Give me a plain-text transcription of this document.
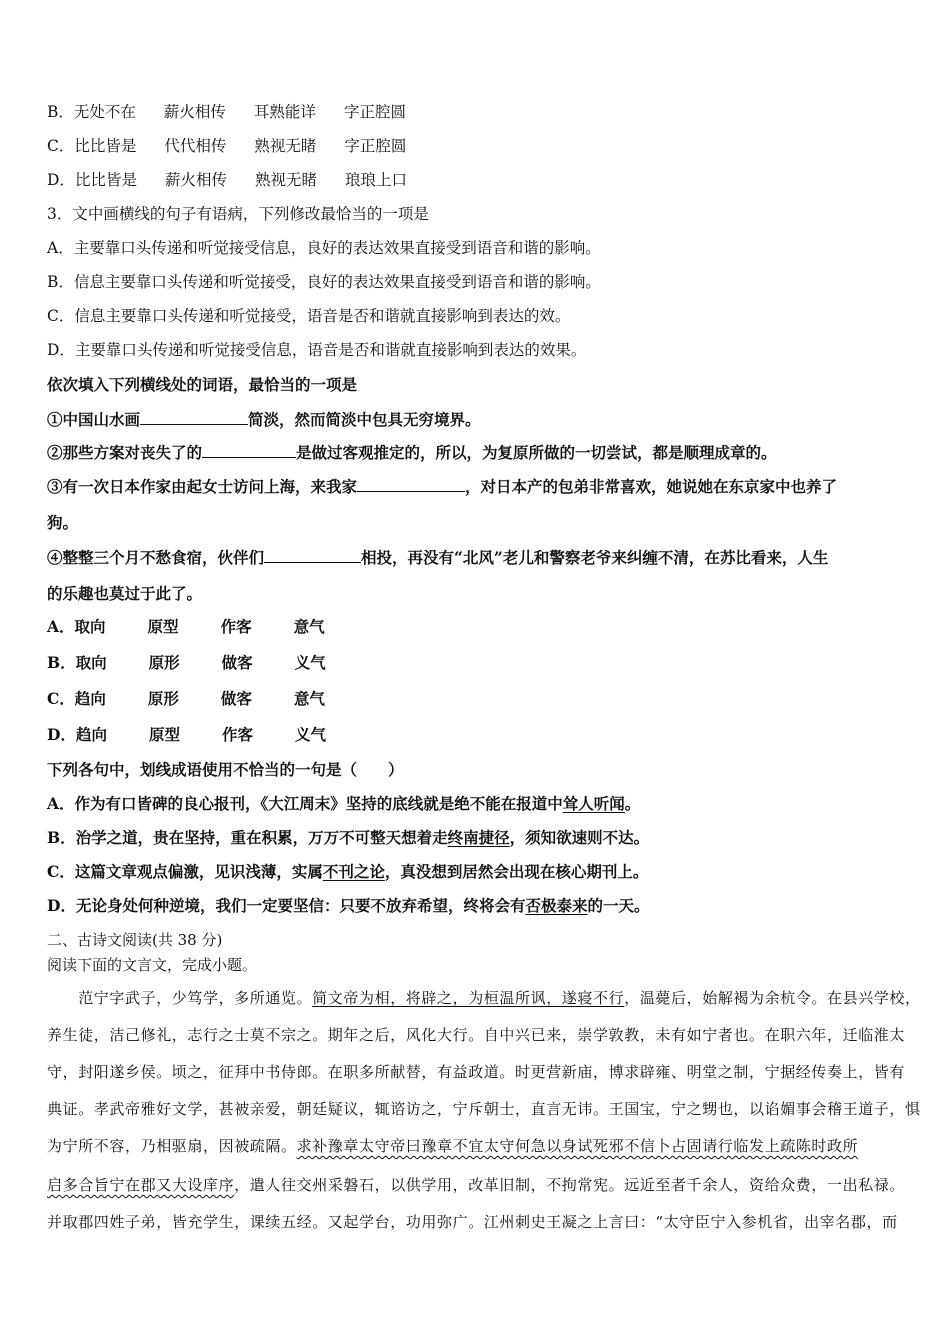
B．无处不在 薪火相传 耳熟能详 字正腔圆
C．比比皆是 代代相传 熟视无睹 字正腔圆
D．比比皆是 薪火相传 熟视无睹 琅琅上口
3．文中画横线的句子有语病，下列修改最恰当的一项是
A．主要靠口头传递和听觉接受信息，良好的表达效果直接受到语音和谐的影响。
B．信息主要靠口头传递和听觉接受，良好的表达效果直接受到语音和谐的影响。
C．信息主要靠口头传递和听觉接受，语音是否和谐就直接影响到表达的效。
D．主要靠口头传递和听觉接受信息，语音是否和谐就直接影响到表达的效果。
依次填入下列横线处的词语，最恰当的一项是
①中国山水画	简淡，然而简淡中包具无穷境界。
②那些方案对丧失了的	是做过客观推定的，所以，为复原所做的一切尝试，都是顺理成章的。
③有一次日本作家由起女士访问上海，来我家	，对日本产的包弟非常喜欢，她说她在东京家中也养了
狗。
④整整三个月不愁食宿，伙伴们	相投，再没有“北风”老儿和警察老爷来纠缠不清，在苏比看来，人生
的乐趣也莫过于此了。
A．取向	原型	作客	意气
B．取向	原形	做客	义气
C．趋向	原形	做客	意气
D．趋向	原型	作客	义气
下列各句中，划线成语使用不恰当的一句是（　　）
A．作为有口皆碑的良心报刊，《大江周末》坚持的底线就是绝不能在报道中耸人听闻。
B．治学之道，贵在坚持，重在积累，万万不可整天想着走终南捷径，须知欲速则不达。
C．这篇文章观点偏激，见识浅薄，实属不刊之论，真没想到居然会出现在核心期刊上。
D．无论身处何种逆境，我们一定要坚信：只要不放弃希望，终将会有否极泰来的一天。
二、古诗文阅读(共 38 分)
阅读下面的文言文，完成小题。
　　范宁字武子，少笃学，多所通览。简文帝为相，将辟之，为桓温所讽，遂寝不行，温薨后，始解褐为余杭令。在县兴学校，
养生徒，洁己修礼，志行之士莫不宗之。期年之后，风化大行。自中兴已来，崇学敦教，未有如宁者也。在职六年，迁临淮太
守，封阳遂乡侯。顷之，征拜中书侍郎。在职多所献替，有益政道。时更营新庙，博求辟雍、明堂之制，宁据经传奏上，皆有
典证。孝武帝雅好文学，甚被亲爱，朝廷疑议，辄谘访之，宁斥朝士，直言无讳。王国宝，宁之甥也，以谄媚事会稽王道子，惧
为宁所不容，乃相驱扇，因被疏隔。求补豫章太守帝曰豫章不宜太守何急以身试死邪不信卜占固请行临发上疏陈时政所
启多合旨宁在郡又大设庠序，遣人往交州采磐石，以供学用，改革旧制，不拘常宪。远近至者千余人，资给众费，一出私禄。
并取郡四姓子弟，皆充学生，课续五经。又起学台，功用弥广。江州刺史王凝之上言曰：“太守臣宁入参机省，出宰名郡，而
